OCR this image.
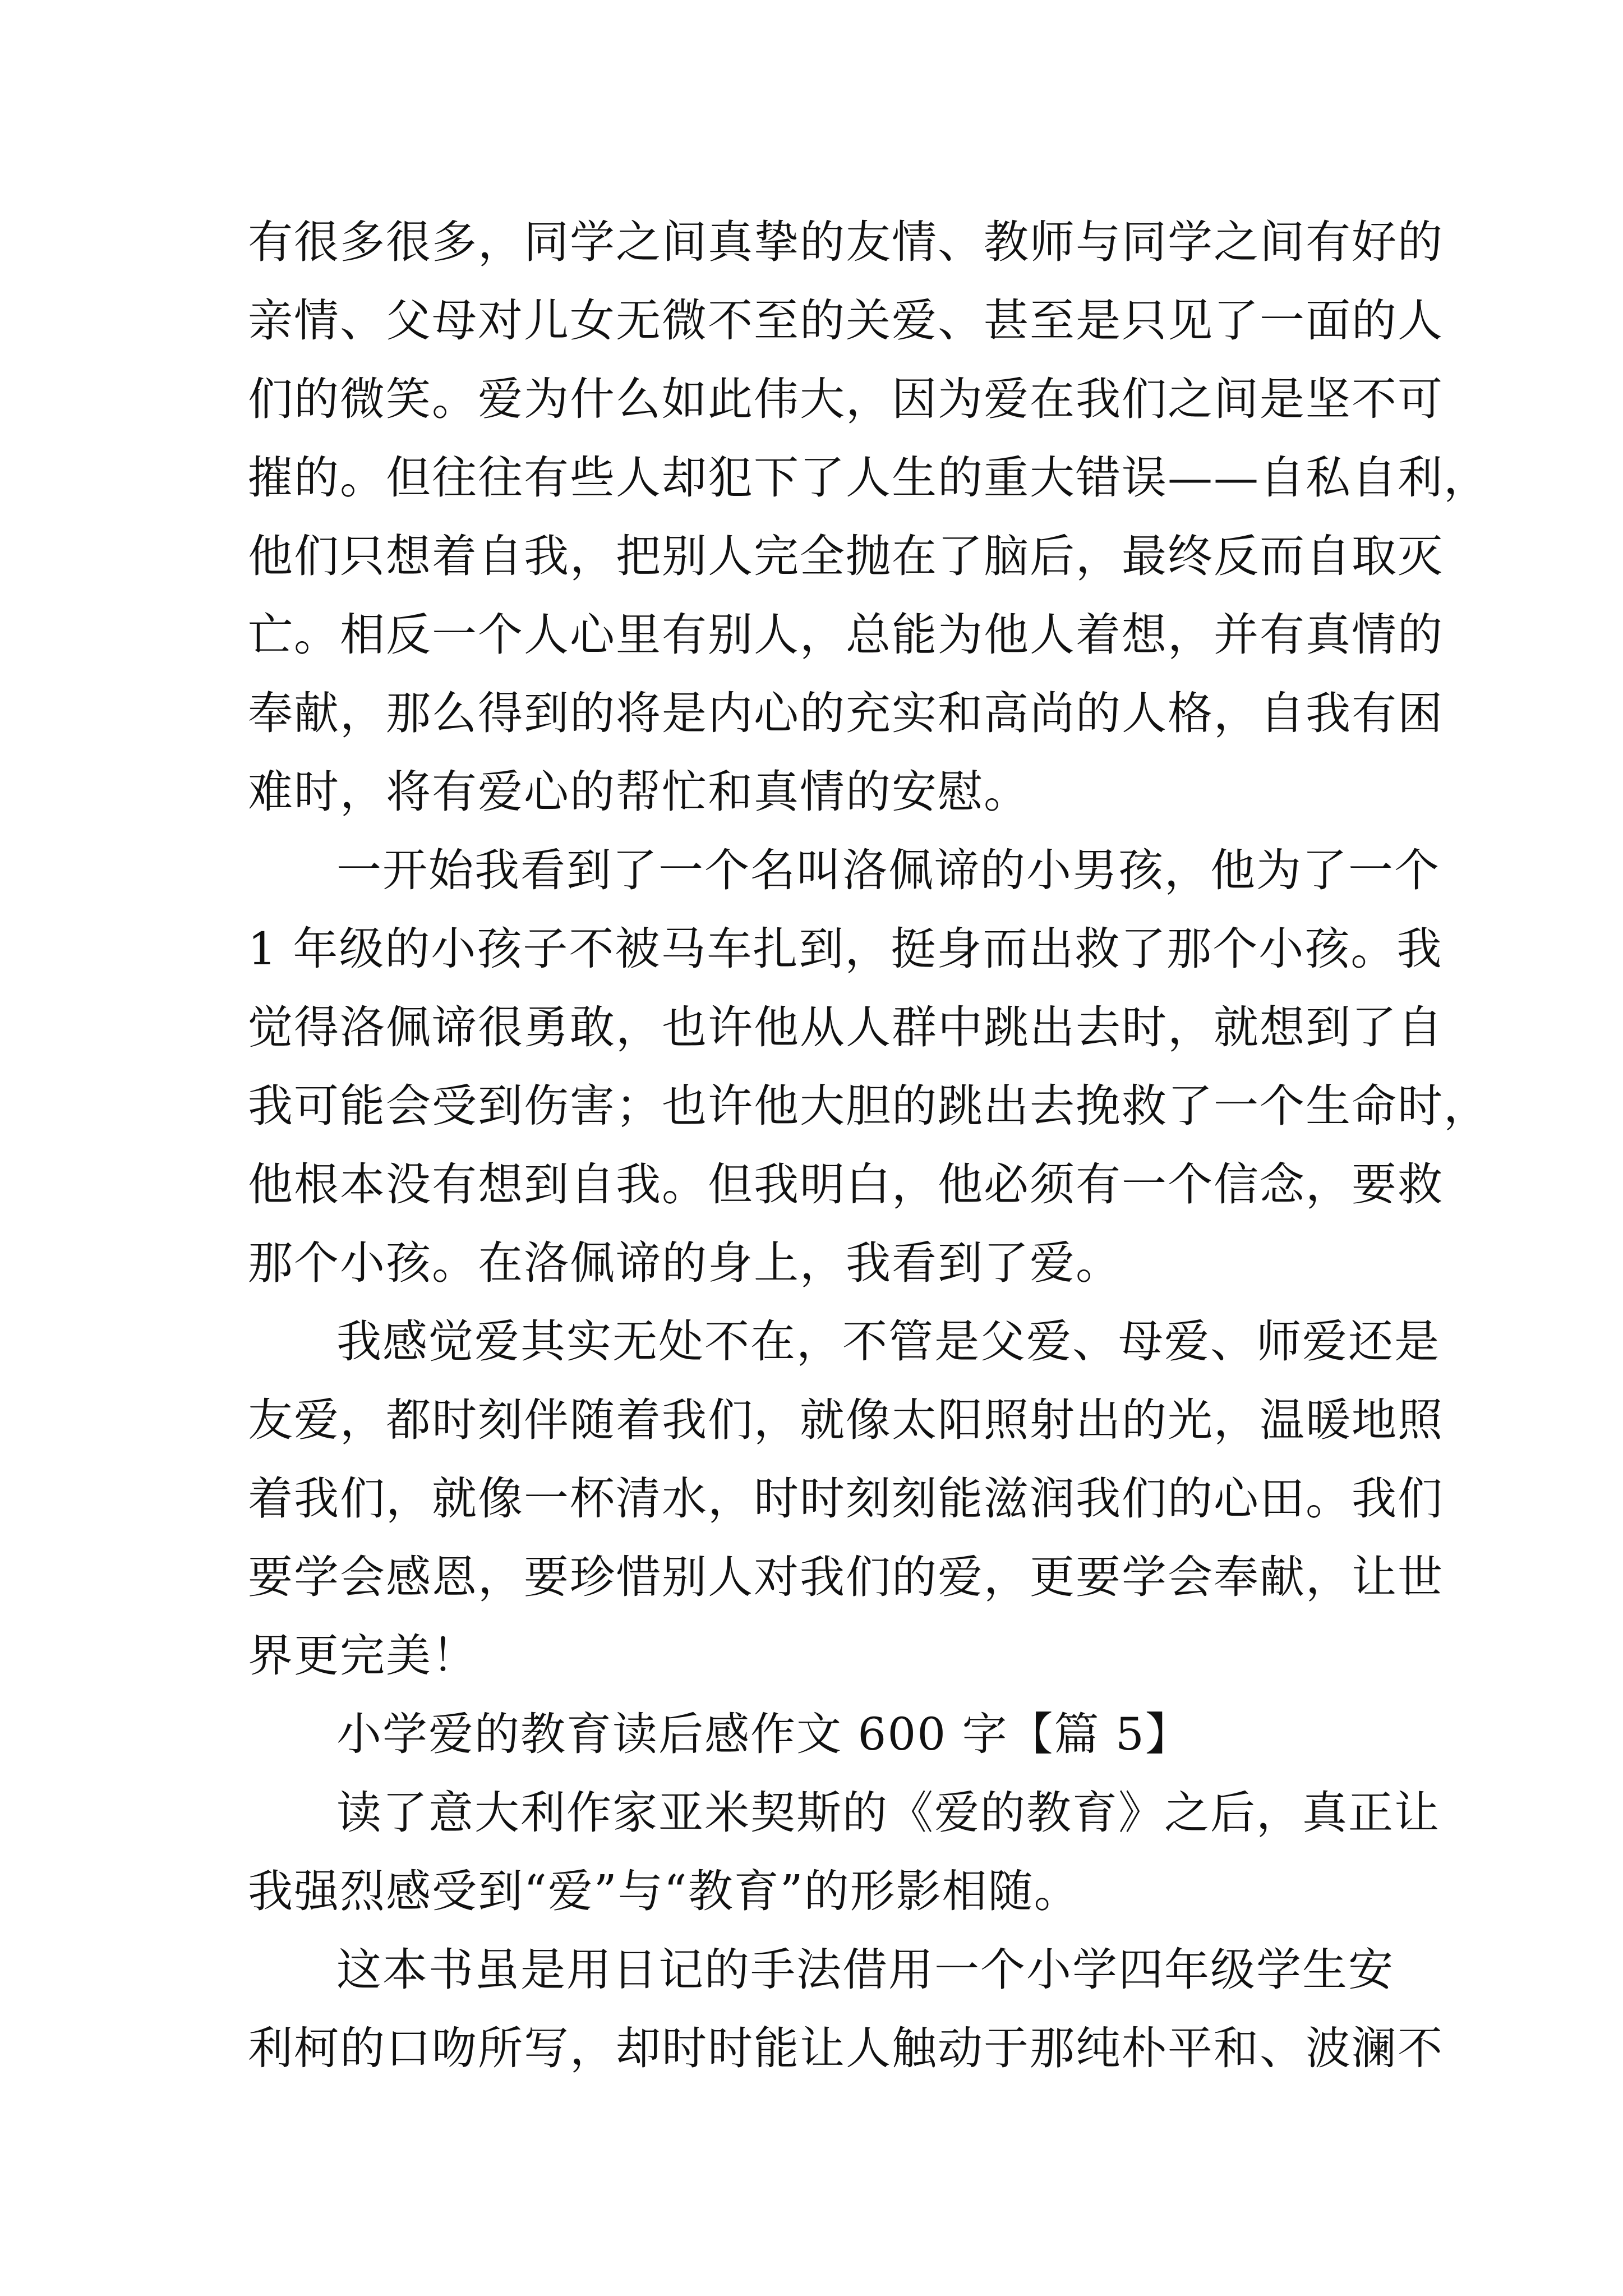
有很多很多，同学之间真挚的友情、教师与同学之间有好的
亲情、父母对儿女无微不至的关爱、甚至是只见了一面的人
们的微笑。爱为什么如此伟大，因为爱在我们之间是坚不可
摧的。但往往有些人却犯下了人生的重大错误——自私自利，
他们只想着自我，把别人完全抛在了脑后，最终反而自取灭
亡。相反一个人心里有别人，总能为他人着想，并有真情的
奉献，那么得到的将是内心的充实和高尚的人格，自我有困
难时，将有爱心的帮忙和真情的安慰。
一开始我看到了一个名叫洛佩谛的小男孩，他为了一个
1 年级的小孩子不被马车扎到，挺身而出救了那个小孩。我
觉得洛佩谛很勇敢，也许他从人群中跳出去时，就想到了自
我可能会受到伤害；也许他大胆的跳出去挽救了一个生命时，
他根本没有想到自我。但我明白，他必须有一个信念，要救
那个小孩。在洛佩谛的身上，我看到了爱。
我感觉爱其实无处不在，不管是父爱、母爱、师爱还是
友爱，都时刻伴随着我们，就像太阳照射出的光，温暖地照
着我们，就像一杯清水，时时刻刻能滋润我们的心田。我们
要学会感恩，要珍惜别人对我们的爱，更要学会奉献，让世
界更完美！
小学爱的教育读后感作文 600 字【篇 5】
读了意大利作家亚米契斯的《爱的教育》之后，真正让
我强烈感受到“爱”与“教育”的形影相随。
这本书虽是用日记的手法借用一个小学四年级学生安
利柯的口吻所写，却时时能让人触动于那纯朴平和、波澜不
